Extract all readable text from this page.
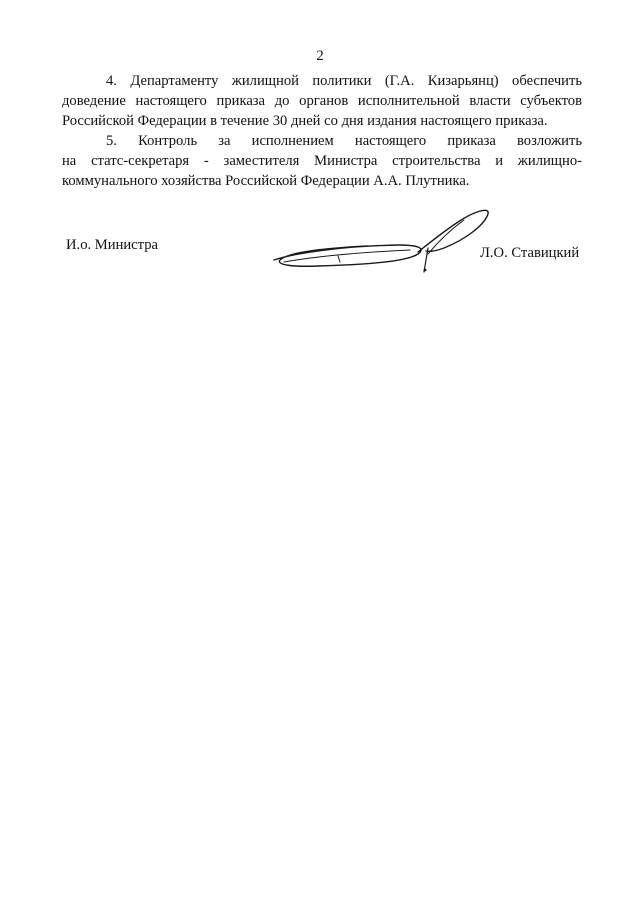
2
4. Департаменту жилищной политики (Г.А. Кизарьянц) обеспечить
доведение настоящего приказа до органов исполнительной власти субъектов
Российской Федерации в течение 30 дней со дня издания настоящего приказа.
5. Контроль за исполнением настоящего приказа возложить
на статс-секретаря - заместителя Министра строительства и жилищно-
коммунального хозяйства Российской Федерации А.А. Плутника.
И.о. Министра	Л.О. Ставицкий
